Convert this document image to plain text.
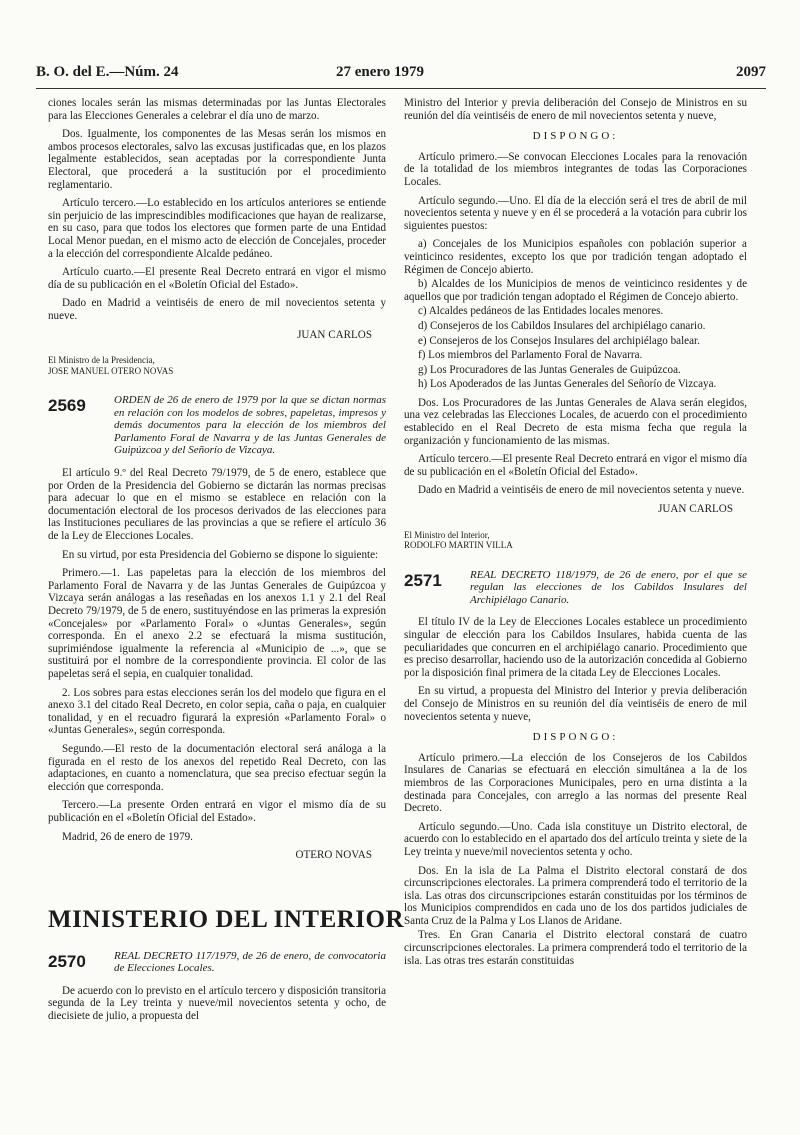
B. O. del E.—Núm. 24	27 enero 1979	2097

ciones locales serán las mismas determinadas por las Juntas Electorales para las Elecciones Generales a celebrar el día uno de marzo.

Dos. Igualmente, los componentes de las Mesas serán los mismos en ambos procesos electorales, salvo las excusas justificadas que, en los plazos legalmente establecidos, sean aceptadas por la correspondiente Junta Electoral, que procederá a la sustitución por el procedimiento reglamentario.

Artículo tercero.—Lo establecido en los artículos anteriores se entiende sin perjuicio de las imprescindibles modificaciones que hayan de realizarse, en su caso, para que todos los electores que formen parte de una Entidad Local Menor puedan, en el mismo acto de elección de Concejales, proceder a la elección del correspondiente Alcalde pedáneo.

Artículo cuarto.—El presente Real Decreto entrará en vigor el mismo día de su publicación en el «Boletín Oficial del Estado».

Dado en Madrid a veintiséis de enero de mil novecientos setenta y nueve.

JUAN CARLOS

El Ministro de la Presidencia,
JOSE MANUEL OTERO NOVAS
2569	ORDEN de 26 de enero de 1979 por la que se dictan normas en relación con los modelos de sobres, papeletas, impresos y demás documentos para la elección de los miembros del Parlamento Foral de Navarra y de las Juntas Generales de Guipúzcoa y del Señorío de Vizcaya.

El artículo 9.º del Real Decreto 79/1979, de 5 de enero, establece que por Orden de la Presidencia del Gobierno se dictarán las normas precisas para adecuar lo que en el mismo se establece en relación con la documentación electoral de los procesos derivados de las elecciones para las Instituciones peculiares de las provincias a que se refiere el artículo 36 de la Ley de Elecciones Locales.

En su virtud, por esta Presidencia del Gobierno se dispone lo siguiente:

Primero.—1. Las papeletas para la elección de los miembros del Parlamento Foral de Navarra y de las Juntas Generales de Guipúzcoa y Vizcaya serán análogas a las reseñadas en los anexos 1.1 y 2.1 del Real Decreto 79/1979, de 5 de enero, sustituyéndose en las primeras la expresión «Concejales» por «Parlamento Foral» o «Juntas Generales», según corresponda. En el anexo 2.2 se efectuará la misma sustitución, suprimiéndose igualmente la referencia al «Municipio de ...», que se sustituirá por el nombre de la correspondiente provincia. El color de las papeletas será el sepia, en cualquier tonalidad.

2. Los sobres para estas elecciones serán los del modelo que figura en el anexo 3.1 del citado Real Decreto, en color sepia, caña o paja, en cualquier tonalidad, y en el recuadro figurará la expresión «Parlamento Foral» o «Juntas Generales», según corresponda.

Segundo.—El resto de la documentación electoral será análoga a la figurada en el resto de los anexos del repetido Real Decreto, con las adaptaciones, en cuanto a nomenclatura, que sea preciso efectuar según la elección que corresponda.

Tercero.—La presente Orden entrará en vigor el mismo día de su publicación en el «Boletín Oficial del Estado».

Madrid, 26 de enero de 1979.

OTERO NOVAS

MINISTERIO DEL INTERIOR
2570	REAL DECRETO 117/1979, de 26 de enero, de convocatoria de Elecciones Locales.

De acuerdo con lo previsto en el artículo tercero y disposición transitoria segunda de la Ley treinta y nueve/mil novecientos setenta y ocho, de diecisiete de julio, a propuesta del

Ministro del Interior y previa deliberación del Consejo de Ministros en su reunión del día veintiséis de enero de mil novecientos setenta y nueve,

DISPONGO:

Artículo primero.—Se convocan Elecciones Locales para la renovación de la totalidad de los miembros integrantes de todas las Corporaciones Locales.

Artículo segundo.—Uno. El día de la elección será el tres de abril de mil novecientos setenta y nueve y en él se procederá a la votación para cubrir los siguientes puestos:

a) Concejales de los Municipios españoles con población superior a veinticinco residentes, excepto los que por tradición tengan adoptado el Régimen de Concejo abierto.

b) Alcaldes de los Municipios de menos de veinticinco residentes y de aquellos que por tradición tengan adoptado el Régimen de Concejo abierto.

c) Alcaldes pedáneos de las Entidades locales menores.

d) Consejeros de los Cabildos Insulares del archipiélago canario.

e) Consejeros de los Consejos Insulares del archipiélago balear.

f) Los miembros del Parlamento Foral de Navarra.

g) Los Procuradores de las Juntas Generales de Guipúzcoa.

h) Los Apoderados de las Juntas Generales del Señorío de Vizcaya.

Dos. Los Procuradores de las Juntas Generales de Alava serán elegidos, una vez celebradas las Elecciones Locales, de acuerdo con el procedimiento establecido en el Real Decreto de esta misma fecha que regula la organización y funcionamiento de las mismas.

Artículo tercero.—El presente Real Decreto entrará en vigor el mismo día de su publicación en el «Boletín Oficial del Estado».

Dado en Madrid a veintiséis de enero de mil novecientos setenta y nueve.

JUAN CARLOS

El Ministro del Interior,
RODOLFO MARTIN VILLA
2571	REAL DECRETO 118/1979, de 26 de enero, por el que se regulan las elecciones de los Cabildos Insulares del Archipiélago Canario.

El título IV de la Ley de Elecciones Locales establece un procedimiento singular de elección para los Cabildos Insulares, habida cuenta de las peculiaridades que concurren en el archipiélago canario. Procedimiento que es preciso desarrollar, haciendo uso de la autorización concedida al Gobierno por la disposición final primera de la citada Ley de Elecciones Locales.

En su virtud, a propuesta del Ministro del Interior y previa deliberación del Consejo de Ministros en su reunión del día veintiséis de enero de mil novecientos setenta y nueve,

DISPONGO:

Artículo primero.—La elección de los Consejeros de los Cabildos Insulares de Canarias se efectuará en elección simultánea a la de los miembros de las Corporaciones Municipales, pero en urna distinta a la destinada para Concejales, con arreglo a las normas del presente Real Decreto.

Artículo segundo.—Uno. Cada isla constituye un Distrito electoral, de acuerdo con lo establecido en el apartado dos del artículo treinta y siete de la Ley treinta y nueve/mil novecientos setenta y ocho.

Dos. En la isla de La Palma el Distrito electoral constará de dos circunscripciones electorales. La primera comprenderá todo el territorio de la isla. Las otras dos circunscripciones estarán constituidas por los términos de los Municipios comprendidos en cada uno de los dos partidos judiciales de Santa Cruz de la Palma y Los Llanos de Aridane.

Tres. En Gran Canaria el Distrito electoral constará de cuatro circunscripciones electorales. La primera comprenderá todo el territorio de la isla. Las otras tres estarán constituidas
